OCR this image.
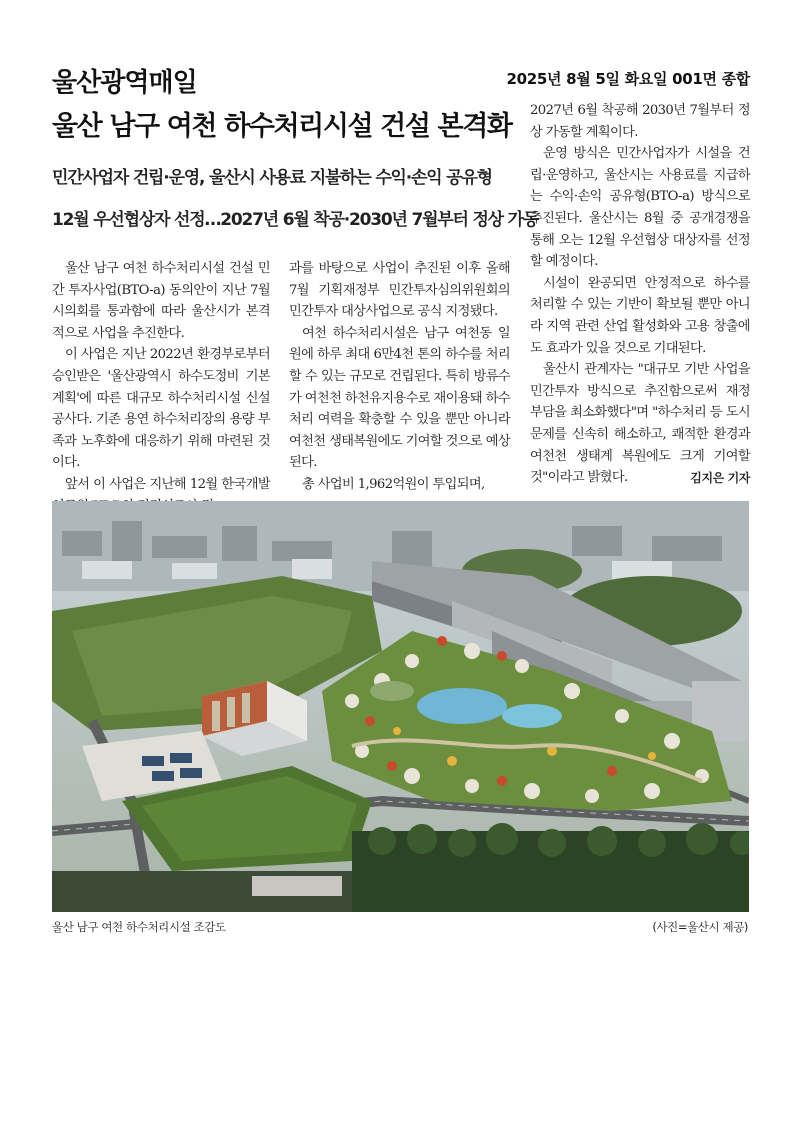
울산광역매일	2025년 8월 5일 화요일 001면 종합
울산 남구 여천 하수처리시설 건설 본격화
민간사업자 건립·운영, 울산시 사용료 지불하는 수익·손익 공유형
12월 우선협상자 선정…2027년 6월 착공·2030년 7월부터 정상 가동

울산 남구 여천 하수처리시설 건설 민간 투자사업(BTO-a) 동의안이 지난 7월 시의회를 통과함에 따라 울산시가 본격적으로 사업을 추진한다.

이 사업은 지난 2022년 환경부로부터 승인받은 '울산광역시 하수도정비 기본계획'에 따른 대규모 하수처리시설 신설 공사다. 기존 용연 하수처리장의 용량 부족과 노후화에 대응하기 위해 마련된 것이다.

앞서 이 사업은 지난해 12월 한국개발

과를 바탕으로 사업이 추진된 이후 올해 7월 기획재정부 민간투자심의위원회의 민간투자 대상사업으로 공식 지정됐다.

여천 하수처리시설은 남구 여천동 일원에 하루 최대 6만4천 톤의 하수를 처리할 수 있는 규모로 건립된다. 특히 방류수가 여천천 하천유지용수로 재이용돼 하수처리 여력을 확충할 수 있을 뿐만 아니라 여천천 생태복원에도 기여할 것으로 예상된다.

총 사업비 1,962억원이 투입되며,

2027년 6월 착공해 2030년 7월부터 정상 가동할 계획이다.

운영 방식은 민간사업자가 시설을 건립·운영하고, 울산시는 사용료를 지급하는 수익·손익 공유형(BTO-a) 방식으로 추진된다. 울산시는 8월 중 공개경쟁을 통해 오는 12월 우선협상 대상자를 선정할 예정이다.

시설이 완공되면 안정적으로 하수를 처리할 수 있는 기반이 확보될 뿐만 아니라 지역 관련 산업 활성화와 고용 창출에도 효과가 있을 것으로 기대된다.

울산시 관계자는 "대규모 기반 사업을 민간투자 방식으로 추진함으로써 재정 부담을 최소화했다"며 "하수처리 등 도시문제를 신속히 해소하고, 쾌적한 환경과 여천천 생태계 복원에도 크게 기여할 것"이라고 밝혔다.	김지은 기자
울산 남구 여천 하수처리시설 조감도	(사진=울산시 제공)
